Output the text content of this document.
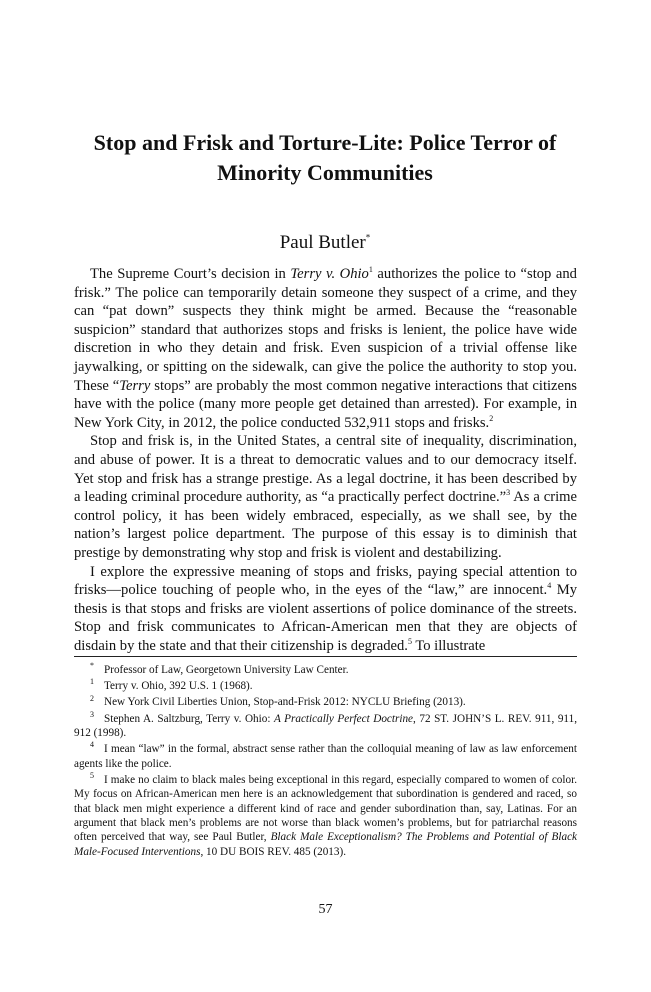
Stop and Frisk and Torture-Lite: Police Terror of
Minority Communities
Paul Butler*

The Supreme Court’s decision in Terry v. Ohio$^1$ authorizes the police to “stop and frisk.” The police can temporarily detain someone they suspect of a crime, and they can “pat down” suspects they think might be armed. Because the “reasonable suspicion” standard that authorizes stops and frisks is lenient, the police have wide discretion in who they detain and frisk. Even suspicion of a trivial offense like jaywalking, or spitting on the sidewalk, can give the police the authority to stop you. These “Terry stops” are probably the most common negative interactions that citizens have with the police (many more people get detained than arrested). For example, in New York City, in 2012, the police conducted 532,911 stops and frisks.$^2$

Stop and frisk is, in the United States, a central site of inequality, discrimination, and abuse of power. It is a threat to democratic values and to our democracy itself. Yet stop and frisk has a strange prestige. As a legal doctrine, it has been described by a leading criminal procedure authority, as “a practically perfect doctrine.”$^3$ As a crime control policy, it has been widely embraced, especially, as we shall see, by the nation’s largest police department. The purpose of this essay is to diminish that prestige by demonstrating why stop and frisk is violent and destabilizing.

I explore the expressive meaning of stops and frisks, paying special attention to frisks—police touching of people who, in the eyes of the “law,” are innocent.$^4$ My thesis is that stops and frisks are violent assertions of police dominance of the streets. Stop and frisk communicates to African-American men that they are objects of disdain by the state and that their citizenship is degraded.$^5$ To illustrate

* Professor of Law, Georgetown University Law Center.
1 Terry v. Ohio, 392 U.S. 1 (1968).
2 New York Civil Liberties Union, Stop-and-Frisk 2012: NYCLU Briefing (2013).
3 Stephen A. Saltzburg, Terry v. Ohio: A Practically Perfect Doctrine, 72 ST. JOHN’S L. REV. 911, 911, 912 (1998).
4 I mean “law” in the formal, abstract sense rather than the colloquial meaning of law as law enforcement agents like the police.
5 I make no claim to black males being exceptional in this regard, especially compared to women of color. My focus on African-American men here is an acknowledgement that subordination is gendered and raced, so that black men might experience a different kind of race and gender subordination than, say, Latinas. For an argument that black men’s problems are not worse than black women’s problems, but for patriarchal reasons often perceived that way, see Paul Butler, Black Male Exceptionalism? The Problems and Potential of Black Male-Focused Interventions, 10 DU BOIS REV. 485 (2013).
57
